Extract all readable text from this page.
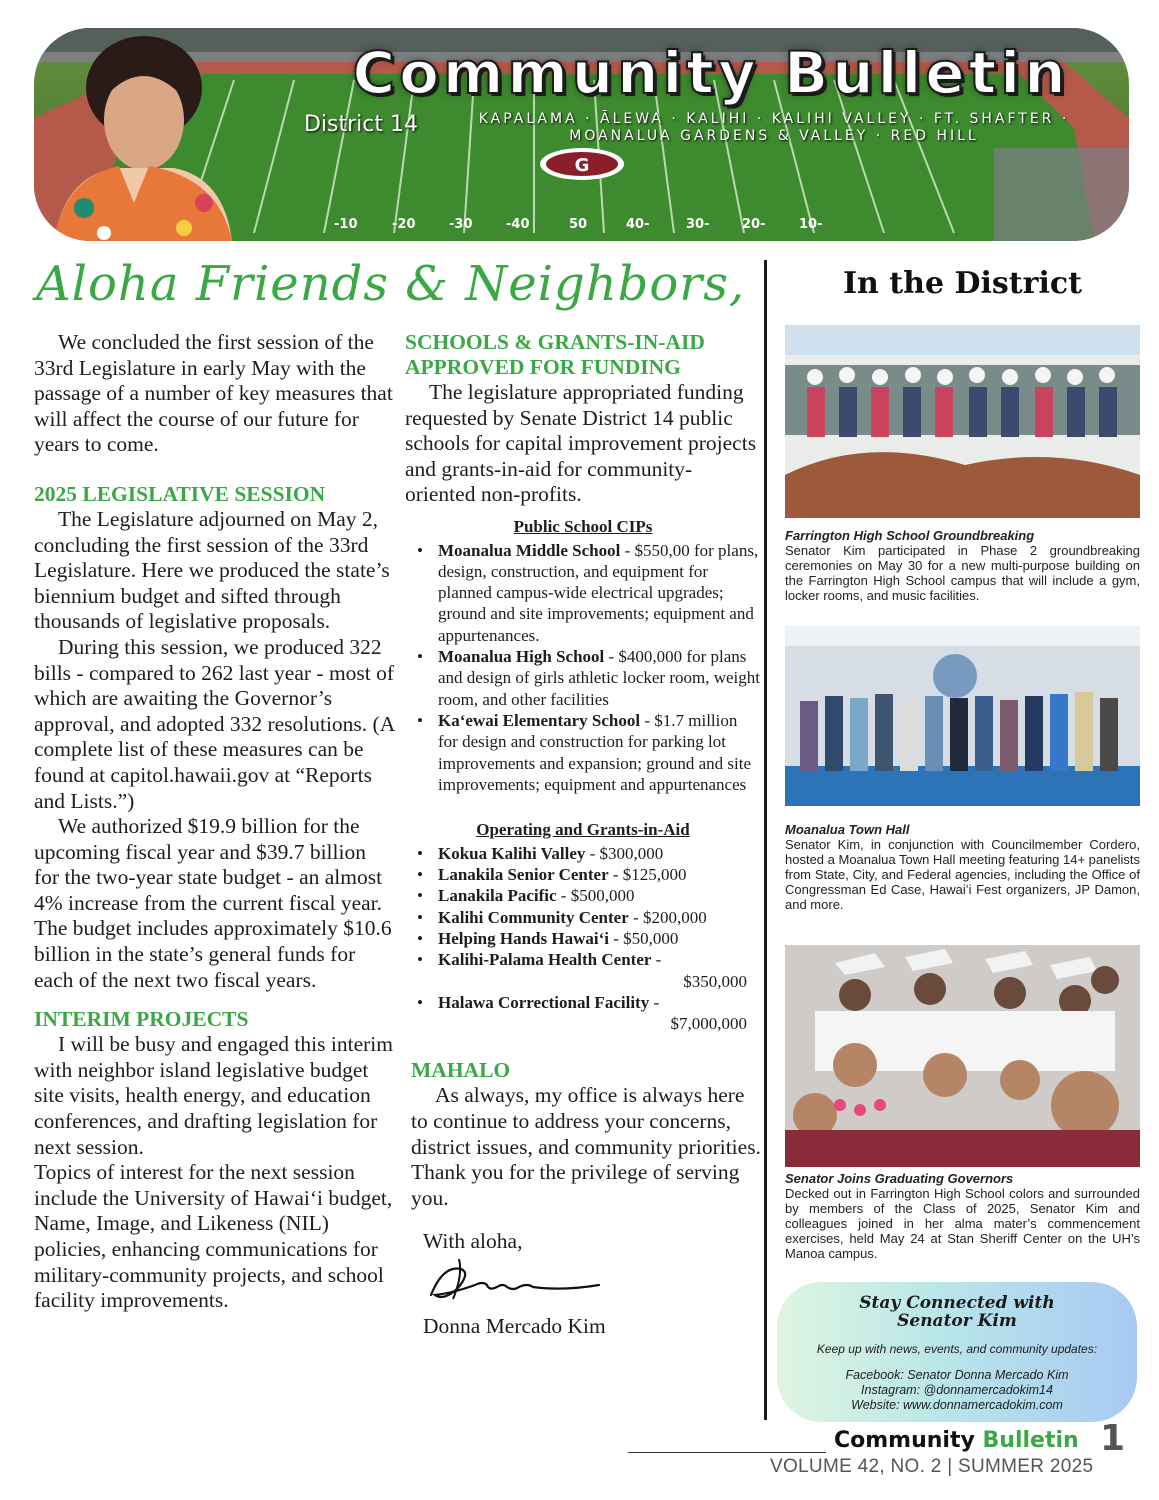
G
-10	-20	-30	-40	50	40-	30-	20-	10-
Community Bulletin
District 14	KAPALAMA · ĀLEWA · KALIHI · KALIHI VALLEY · FT. SHAFTER ·
MOANALUA GARDENS & VALLEY · RED HILL
Aloha Friends & Neighbors,

We concluded the first session of the 33rd Legislature in early May with the passage of a number of key measures that will affect the course of our future for years to come.

2025 LEGISLATIVE SESSION

The Legislature adjourned on May 2, concluding the first session of the 33rd Legislature. Here we produced the state’s biennium budget and sifted through thousands of legislative proposals.

During this session, we produced 322 bills - compared to 262 last year - most of which are awaiting the Governor’s approval, and adopted 332 resolutions. (A complete list of these measures can be found at capitol.hawaii.gov at “Reports and Lists.”)

We authorized $19.9 billion for the upcoming fiscal year and $39.7 billion for the two-year state budget - an almost 4% increase from the current fiscal year. The budget includes approximately $10.6 billion in the state’s general funds for each of the next two fiscal years.

INTERIM PROJECTS

I will be busy and engaged this interim with neighbor island legislative budget site visits, health energy, and education conferences, and drafting legislation for next session.

Topics of interest for the next session include the University of Hawaiʻi budget, Name, Image, and Likeness (NIL) policies, enhancing communications for military-community projects, and school facility improvements.

SCHOOLS & GRANTS-IN-AID APPROVED FOR FUNDING

The legislature appropriated funding requested by Senate District 14 public schools for capital improvement projects and grants-in-aid for community-oriented non-profits.

Public School CIPs
• Moanalua Middle School - $550,00 for plans, design, construction, and equipment for planned campus-wide electrical upgrades; ground and site improvements; equipment and appurtenances.
• Moanalua High School - $400,000 for plans and design of girls athletic locker room, weight room, and other facilities
• Kaʻewai Elementary School - $1.7 million for design and construction for parking lot improvements and expansion; ground and site improvements; equipment and appurtenances
Operating and Grants-in-Aid
• Kokua Kalihi Valley - $300,000
• Lanakila Senior Center - $125,000
• Lanakila Pacific - $500,000
• Kalihi Community Center - $200,000
• Helping Hands Hawaiʻi - $50,000
• Kalihi-Palama Health Center -
$350,000
• Halawa Correctional Facility -
$7,000,000
MAHALO

As always, my office is always here to continue to address your concerns, district issues, and community priorities. Thank you for the privilege of serving you.

With aloha,
Donna Mercado Kim
In the District
Farrington High School Groundbreaking
Senator Kim participated in Phase 2 groundbreaking ceremonies on May 30 for a new multi-purpose building on the Farrington High School campus that will include a gym, locker rooms, and music facilities.
Moanalua Town Hall
Senator Kim, in conjunction with Councilmember Cordero, hosted a Moanalua Town Hall meeting featuring 14+ panelists from State, City, and Federal agencies, including the Office of Congressman Ed Case, Hawaiʻi Fest organizers, JP Damon, and more.
Senator Joins Graduating Governors
Decked out in Farrington High School colors and surrounded by members of the Class of 2025, Senator Kim and colleagues joined in her alma mater’s commencement exercises, held May 24 at Stan Sheriff Center on the UH’s Manoa campus.
Stay Connected with
Senator Kim
Keep up with news, events, and community updates:
Facebook: Senator Donna Mercado Kim
Instagram: @donnamercadokim14
Website: www.donnamercadokim.com
Community Bulletin 1
VOLUME 42, NO. 2 | SUMMER 2025
